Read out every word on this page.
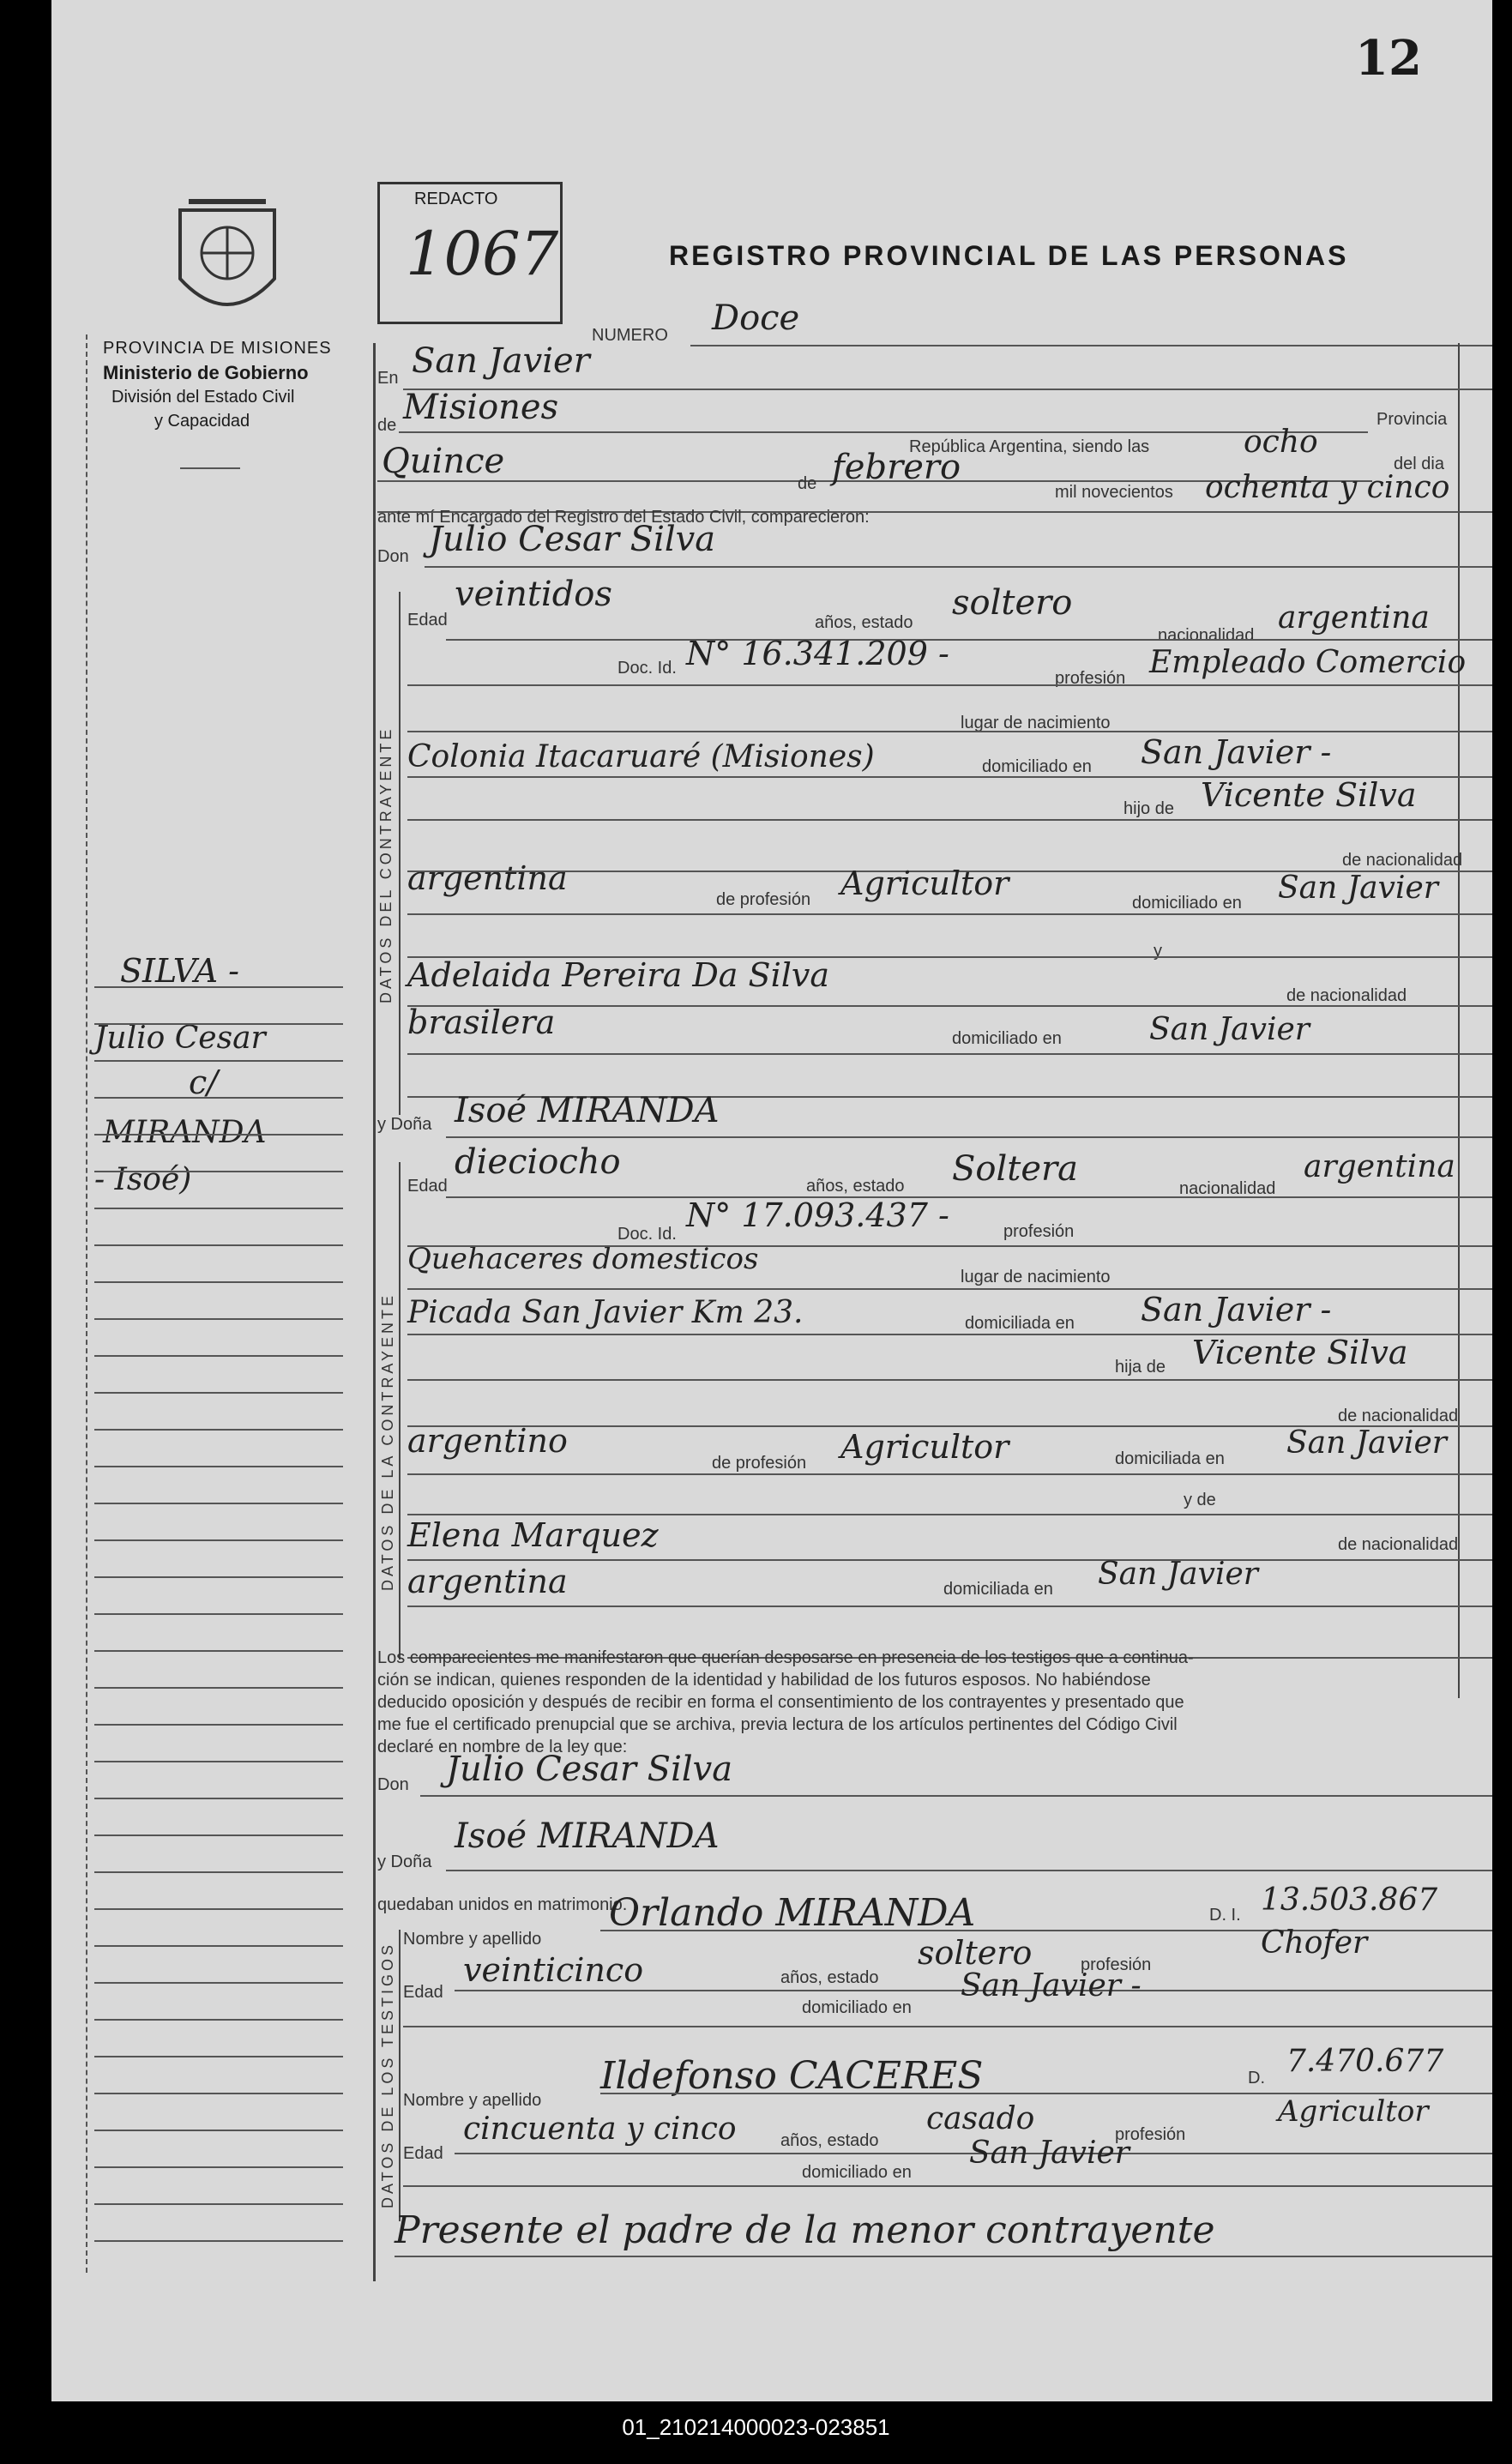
12
REDACTO
1067
PROVINCIA DE MISIONES
Ministerio de Gobierno
División del Estado Civil
y Capacidad
REGISTRO PROVINCIAL DE LAS PERSONAS
NUMERO Doce
En San Javier
de Misiones	Provincia
República Argentina, siendo las	ocho
Quince	del dia
de febrero
mil novecientos ochenta y cinco
ante mí Encargado del Registro del Estado Civil, comparecieron:
Don Julio Cesar Silva
DATOS DEL CONTRAYENTE
Edad
veintidos
años, estado soltero
nacionalidad argentina
Doc. Id. N° 16.341.209 -
profesión Empleado Comercio
lugar de nacimiento
Colonia Itacaruaré (Misiones)	domiciliado en San Javier -
hijo de Vicente Silva
de nacionalidad
argentina
de profesión Agricultor
domiciliado en San Javier
y
Adelaida Pereira Da Silva
de nacionalidad
brasilera	domiciliado en	San Javier
y Doña Isoé MIRANDA
DATOS DE LA CONTRAYENTE
Edad
dieciocho
años, estado Soltera	nacionalidad
argentina
Doc. Id. N° 17.093.437 -	profesión
Quehaceres domesticos
lugar de nacimiento
Picada San Javier Km 23.	domiciliada en San Javier -
hija de Vicente Silva
de nacionalidad
argentino
de profesión Agricultor	domiciliada en San Javier
y de
Elena Marquez	de nacionalidad
argentina	domiciliada en San Javier
Los comparecientes me manifestaron que querían desposarse en presencia de los testigos que a continua-
ción se indican, quienes responden de la identidad y habilidad de los futuros esposos. No habiéndose
deducido oposición y después de recibir en forma el consentimiento de los contrayentes y presentado que
me fue el certificado prenupcial que se archiva, previa lectura de los artículos pertinentes del Código Civil
declaré en nombre de la ley que:
Don Julio Cesar Silva
y Doña
Isoé MIRANDA
quedaban unidos en matrimonio.
DATOS DE LOS TESTIGOS
Nombre y apellido
Orlando MIRANDA	D. I. 13.503.867
Edad
veinticinco	años, estado
soltero	profesión
Chofer
domiciliado en
San Javier -
Nombre y apellido
Ildefonso CACERES	D. 7.470.677
Edad
cincuenta y cinco	años, estado
casado	profesión
Agricultor
domiciliado en
San Javier
Presente el padre de la menor contrayente
SILVA -
Julio Cesar
c/
MIRANDA
- Isoé)
01_210214000023-023851
